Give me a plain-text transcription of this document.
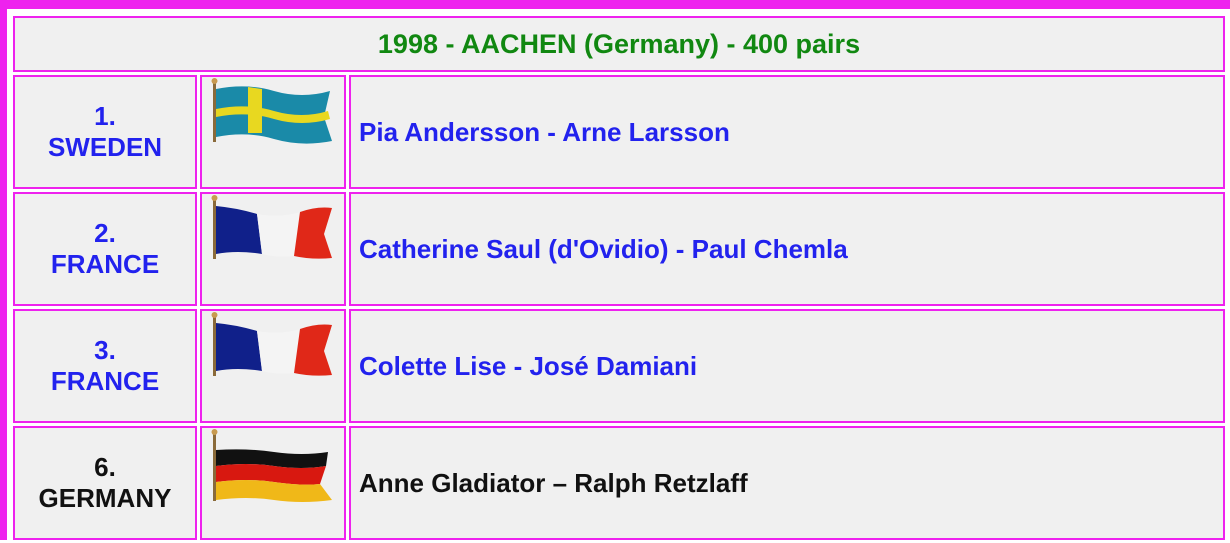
1998 - AACHEN (Germany) - 400 pairs		

1.
SWEDEN		Pia Andersson - Arne Larsson

2.
FRANCE		Catherine Saul (d'Ovidio) - Paul Chemla

3.
FRANCE		Colette Lise - José Damiani

6.
GERMANY		Anne Gladiator – Ralph Retzlaff
